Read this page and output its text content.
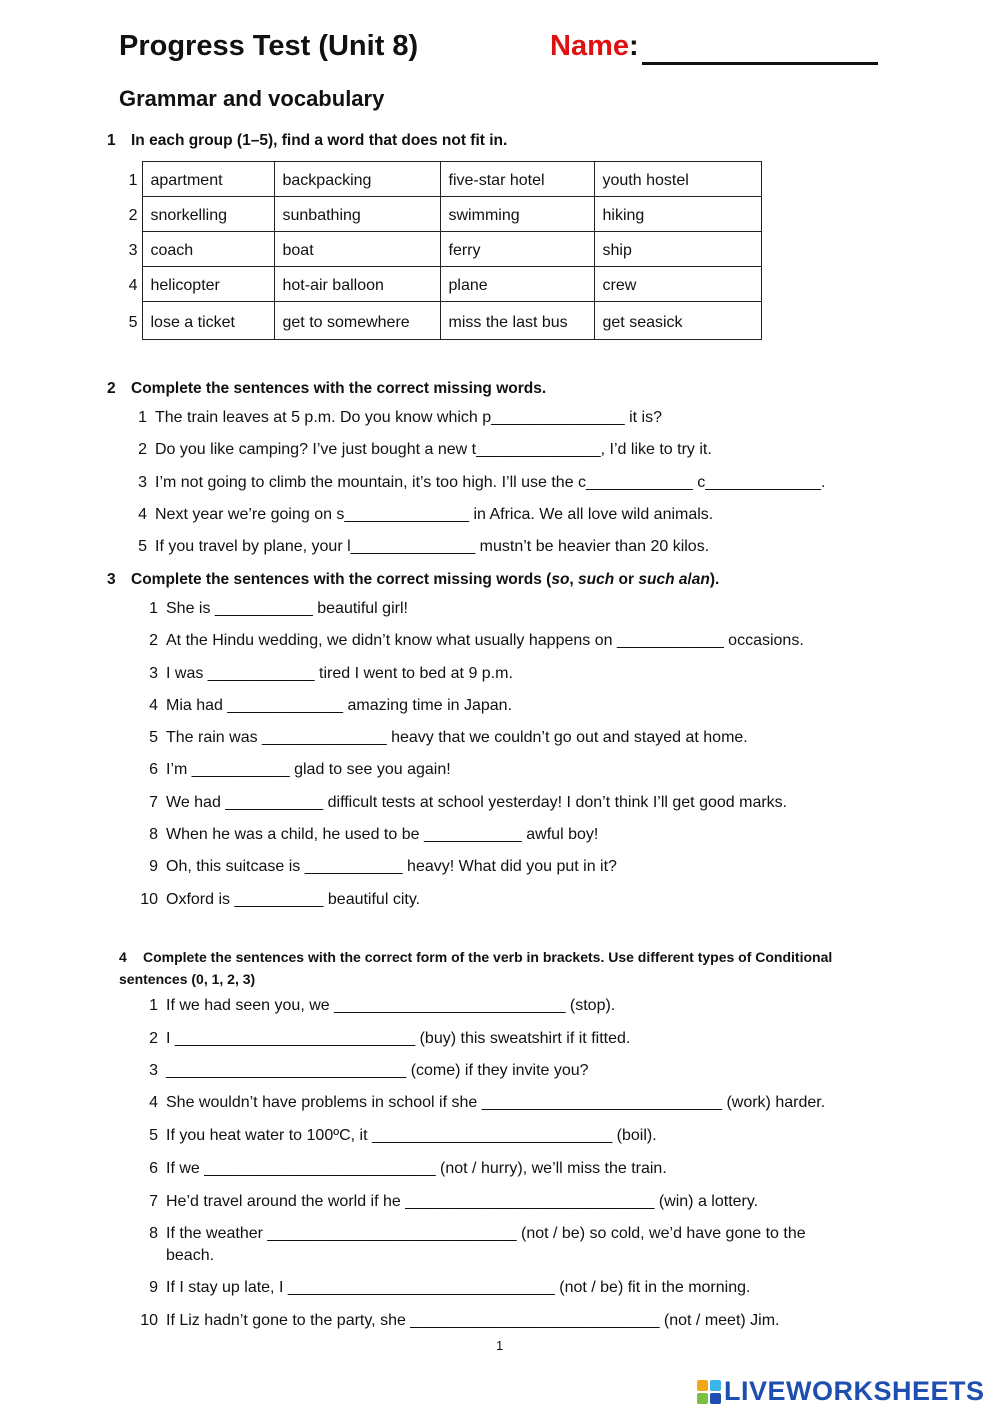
Progress Test (Unit 8)	Name:
Grammar and vocabulary
1 In each group (1–5), find a word that does not fit in.
1	apartment	backpacking	five-star hotel	youth hostel
2	snorkelling	sunbathing	swimming	hiking
3	coach	boat	ferry	ship
4	helicopter	hot-air balloon	plane	crew
5	lose a ticket	get to somewhere	miss the last bus	get seasick
2 Complete the sentences with the correct missing words.
1 The train leaves at 5 p.m. Do you know which p_______________ it is?
2 Do you like camping? I’ve just bought a new t______________, I’d like to try it.
3 I’m not going to climb the mountain, it’s too high. I’ll use the c____________ c_____________.
4 Next year we’re going on s______________ in Africa. We all love wild animals.
5 If you travel by plane, your l______________ mustn’t be heavier than 20 kilos.
3 Complete the sentences with the correct missing words (so, such or such a/an).
1 She is ___________ beautiful girl!
2 At the Hindu wedding, we didn’t know what usually happens on ____________ occasions.
3 I was ____________ tired I went to bed at 9 p.m.
4 Mia had _____________ amazing time in Japan.
5 The rain was ______________ heavy that we couldn’t go out and stayed at home.
6 I’m ___________ glad to see you again!
7 We had ___________ difficult tests at school yesterday! I don’t think I’ll get good marks.
8 When he was a child, he used to be ___________ awful boy!
9 Oh, this suitcase is ___________ heavy! What did you put in it?
10 Oxford is __________ beautiful city.
4 Complete the sentences with the correct form of the verb in brackets. Use different types of Conditional sentences (0, 1, 2, 3)
1 If we had seen you, we __________________________ (stop).
2 I ___________________________ (buy) this sweatshirt if it fitted.
3 ___________________________ (come) if they invite you?
4 She wouldn’t have problems in school if she ___________________________ (work) harder.
5 If you heat water to 100ºC, it ___________________________ (boil).
6 If we __________________________ (not / hurry), we’ll miss the train.
7 He’d travel around the world if he ____________________________ (win) a lottery.
8 If the weather ____________________________ (not / be) so cold, we’d have gone to the
beach.
9 If I stay up late, I ______________________________ (not / be) fit in the morning.
10 If Liz hadn’t gone to the party, she ____________________________ (not / meet) Jim.
1
LIVEWORKSHEETS
